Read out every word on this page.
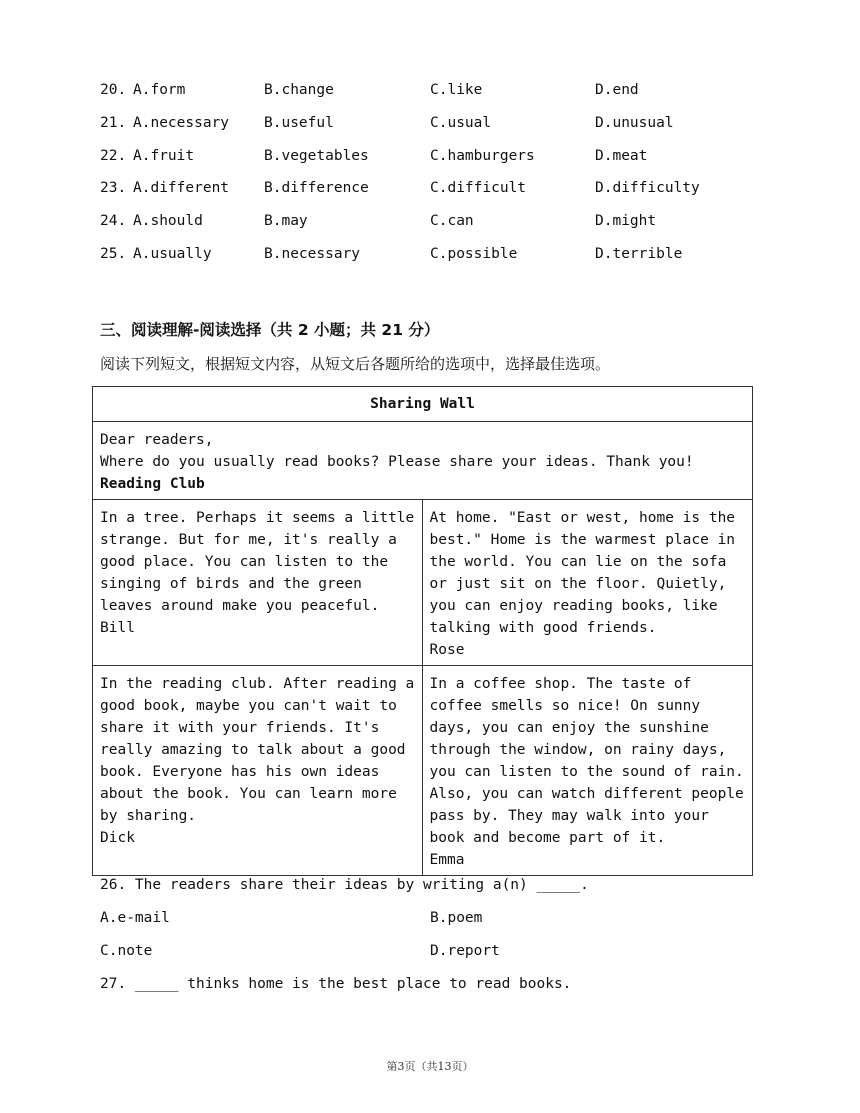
20. A.form	B.change	C.like	D.end
21. A.necessary B.useful	C.usual	D.unusual
22. A.fruit	B.vegetables	C.hamburgers	D.meat
23. A.different B.difference	C.difficult	D.difficulty
24. A.should	B.may	C.can	D.might
25. A.usually	B.necessary	C.possible	D.terrible
三、阅读理解-阅读选择（共 2 小题；共 21 分）
阅读下列短文，根据短文内容，从短文后各题所给的选项中，选择最佳选项。
Sharing Wall
Dear readers,
Where do you usually read books? Please share your ideas. Thank you!
Reading Club
In a tree. Perhaps it seems a little strange. But for me, it's really a good place. You can listen to the singing of birds and the green leaves around make you peaceful.
Bill
At home. "East or west, home is the best." Home is the warmest place in the world. You can lie on the sofa or just sit on the floor. Quietly, you can enjoy reading books, like talking with good friends.
Rose
In the reading club. After reading a good book, maybe you can't wait to share it with your friends. It's really amazing to talk about a good book. Everyone has his own ideas about the book. You can learn more by sharing.
Dick
In a coffee shop. The taste of coffee smells so nice! On sunny days, you can enjoy the sunshine through the window, on rainy days, you can listen to the sound of rain. Also, you can watch different people pass by. They may walk into your book and become part of it.
Emma
26. The readers share their ideas by writing a(n) _____.
A.e-mail	B.poem
C.note	D.report
27. _____ thinks home is the best place to read books.
第3页（共13页）
